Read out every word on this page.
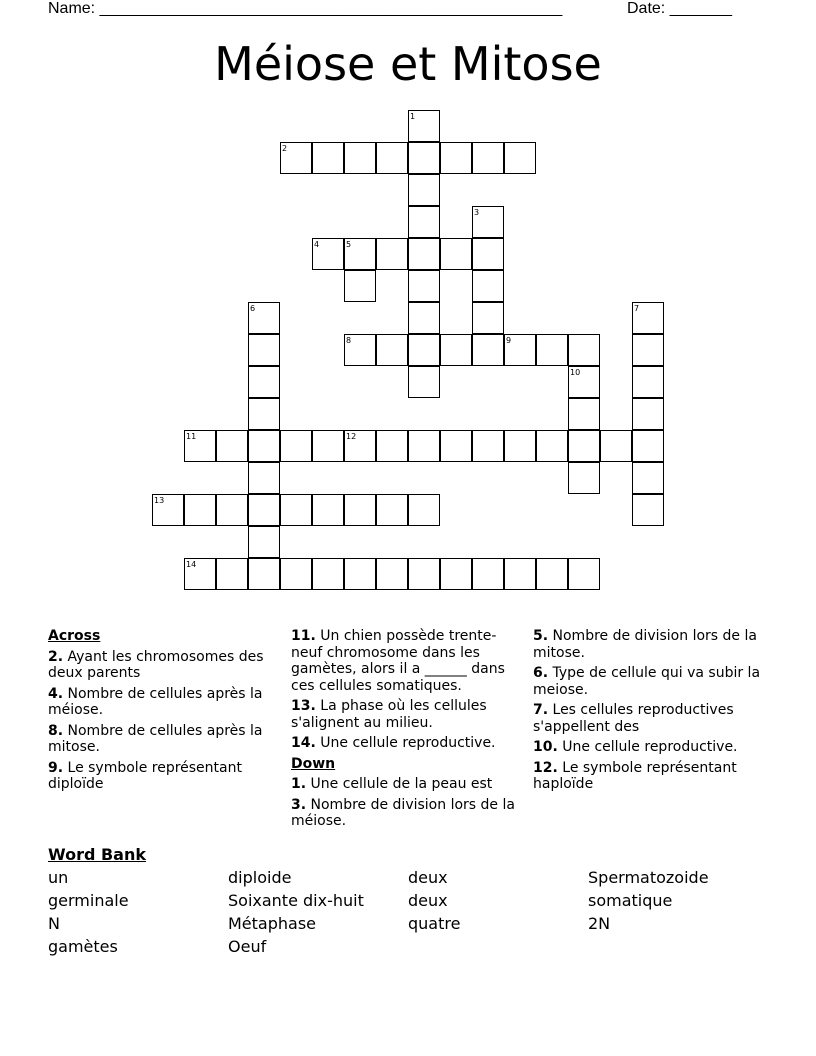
Name: ____________________________________________________	Date: _______
Méiose et Mitose
1
2
3
4	5
6	7
8	9
10
11	12
13
14
Across
2. Ayant les chromosomes des deux parents
4. Nombre de cellules après la méiose.
8. Nombre de cellules après la mitose.
9. Le symbole représentant diploïde
11. Un chien possède trente-neuf chromosome dans les gamètes, alors il a ______ dans ces cellules somatiques.
13. La phase où les cellules s'alignent au milieu.
14. Une cellule reproductive.
Down
1. Une cellule de la peau est
3. Nombre de division lors de la méiose.
5. Nombre de division lors de la mitose.
6. Type de cellule qui va subir la meiose.
7. Les cellules reproductives s'appellent des
10. Une cellule reproductive.
12. Le symbole représentant haploïde
Word Bank
un	diploide	deux	Spermatozoide
germinale	Soixante dix-huit	deux	somatique
N	Métaphase	quatre	2N
gamètes	Oeuf
